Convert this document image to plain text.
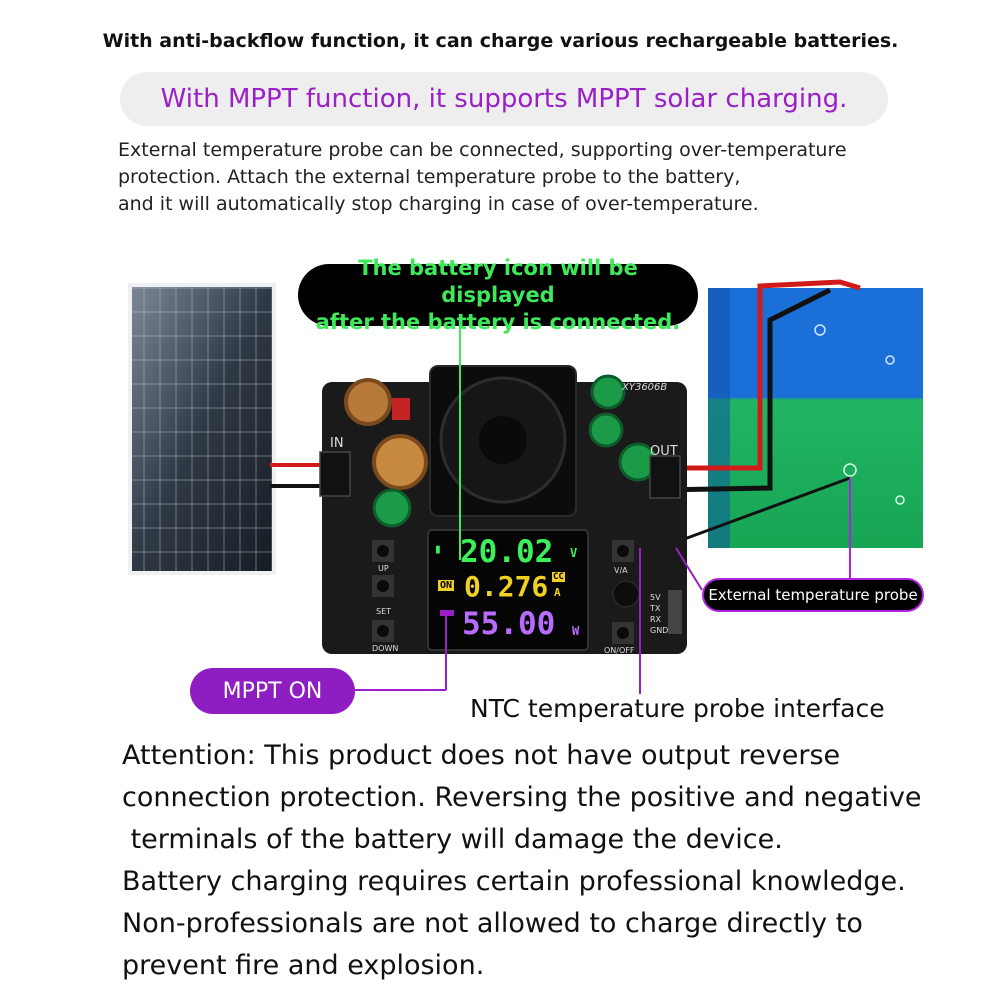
With anti-backflow function, it can charge various rechargeable batteries.
With MPPT function, it supports MPPT solar charging.
External temperature probe can be connected, supporting over-temperature
protection. Attach the external temperature probe to the battery,
and it will automatically stop charging in case of over-temperature.
XY3606B
IN
OUT
UP
SET
DOWN
V/A
ON/OFF
5V
TX
RX
GND
▮ 20.02 V
ON 0.276 CC
A
55.00 W
The battery icon will be displayed
after the battery is connected.
External temperature probe
MPPT ON
NTC temperature probe interface
Attention: This product does not have output reverse
connection protection. Reversing the positive and negative
terminals of the battery will damage the device.
Battery charging requires certain professional knowledge.
Non-professionals are not allowed to charge directly to
prevent fire and explosion.
